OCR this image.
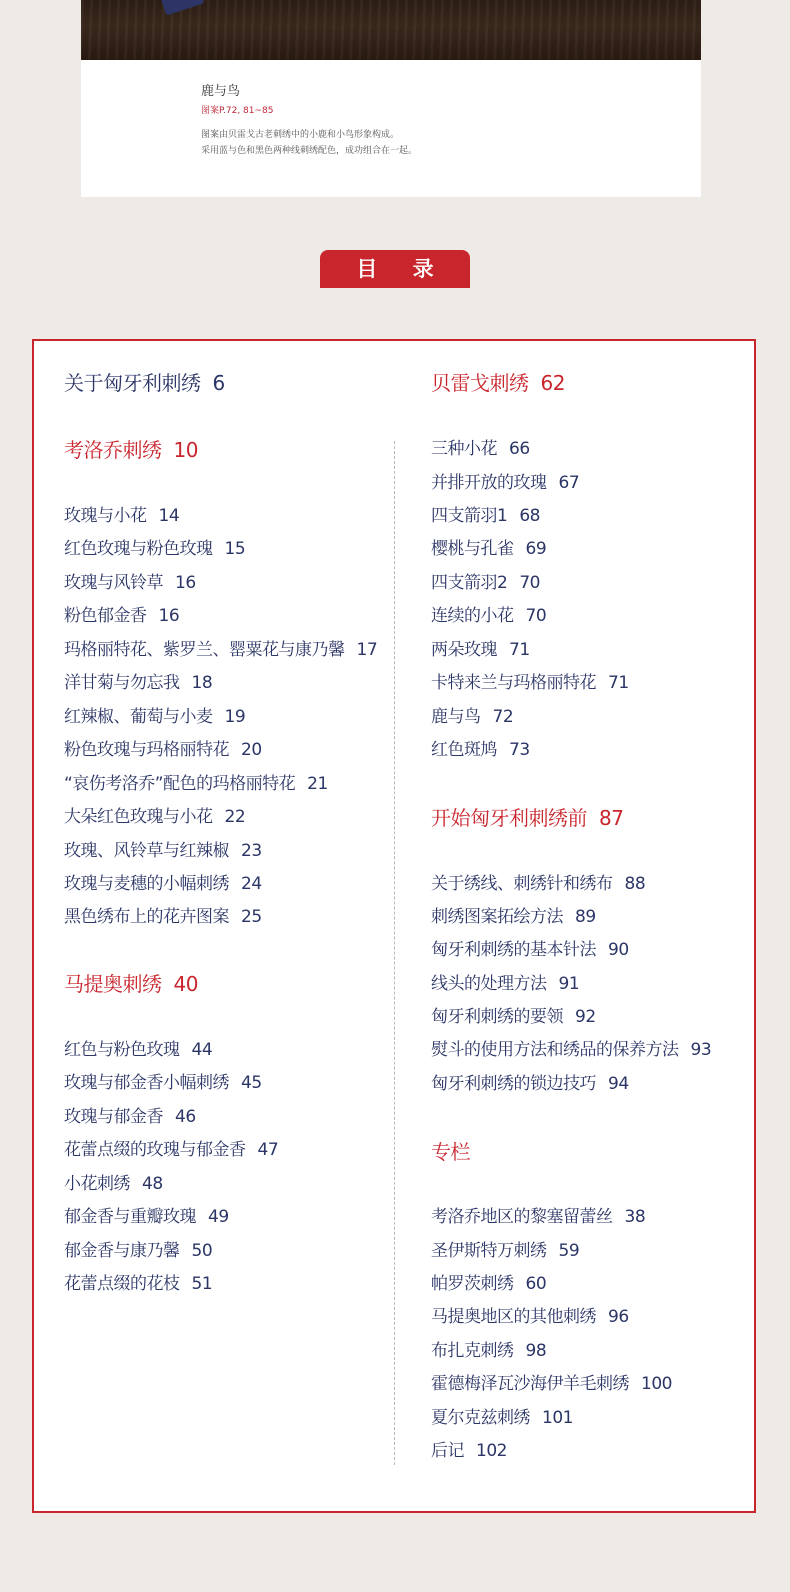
鹿与鸟
图案P.72, 81~85
图案由贝雷戈古老刺绣中的小鹿和小鸟形象构成。
采用蓝与色和黑色两种线刺绣配色，成功组合在一起。
目 录
关于匈牙利刺绣 6
考洛乔刺绣 10
玫瑰与小花 14
红色玫瑰与粉色玫瑰 15
玫瑰与风铃草 16
粉色郁金香 16
玛格丽特花、紫罗兰、罂粟花与康乃馨 17
洋甘菊与勿忘我 18
红辣椒、葡萄与小麦 19
粉色玫瑰与玛格丽特花 20
“哀伤考洛乔”配色的玛格丽特花 21
大朵红色玫瑰与小花 22
玫瑰、风铃草与红辣椒 23
玫瑰与麦穗的小幅刺绣 24
黑色绣布上的花卉图案 25
马提奥刺绣 40
红色与粉色玫瑰 44
玫瑰与郁金香小幅刺绣 45
玫瑰与郁金香 46
花蕾点缀的玫瑰与郁金香 47
小花刺绣 48
郁金香与重瓣玫瑰 49
郁金香与康乃馨 50
花蕾点缀的花枝 51
贝雷戈刺绣 62
三种小花 66
并排开放的玫瑰 67
四支箭羽1 68
樱桃与孔雀 69
四支箭羽2 70
连续的小花 70
两朵玫瑰 71
卡特来兰与玛格丽特花 71
鹿与鸟 72
红色斑鸠 73
开始匈牙利刺绣前 87
关于绣线、刺绣针和绣布 88
刺绣图案拓绘方法 89
匈牙利刺绣的基本针法 90
线头的处理方法 91
匈牙利刺绣的要领 92
熨斗的使用方法和绣品的保养方法 93
匈牙利刺绣的锁边技巧 94
专栏
考洛乔地区的黎塞留蕾丝 38
圣伊斯特万刺绣 59
帕罗茨刺绣 60
马提奥地区的其他刺绣 96
布扎克刺绣 98
霍德梅泽瓦沙海伊羊毛刺绣 100
夏尔克兹刺绣 101
后记 102
